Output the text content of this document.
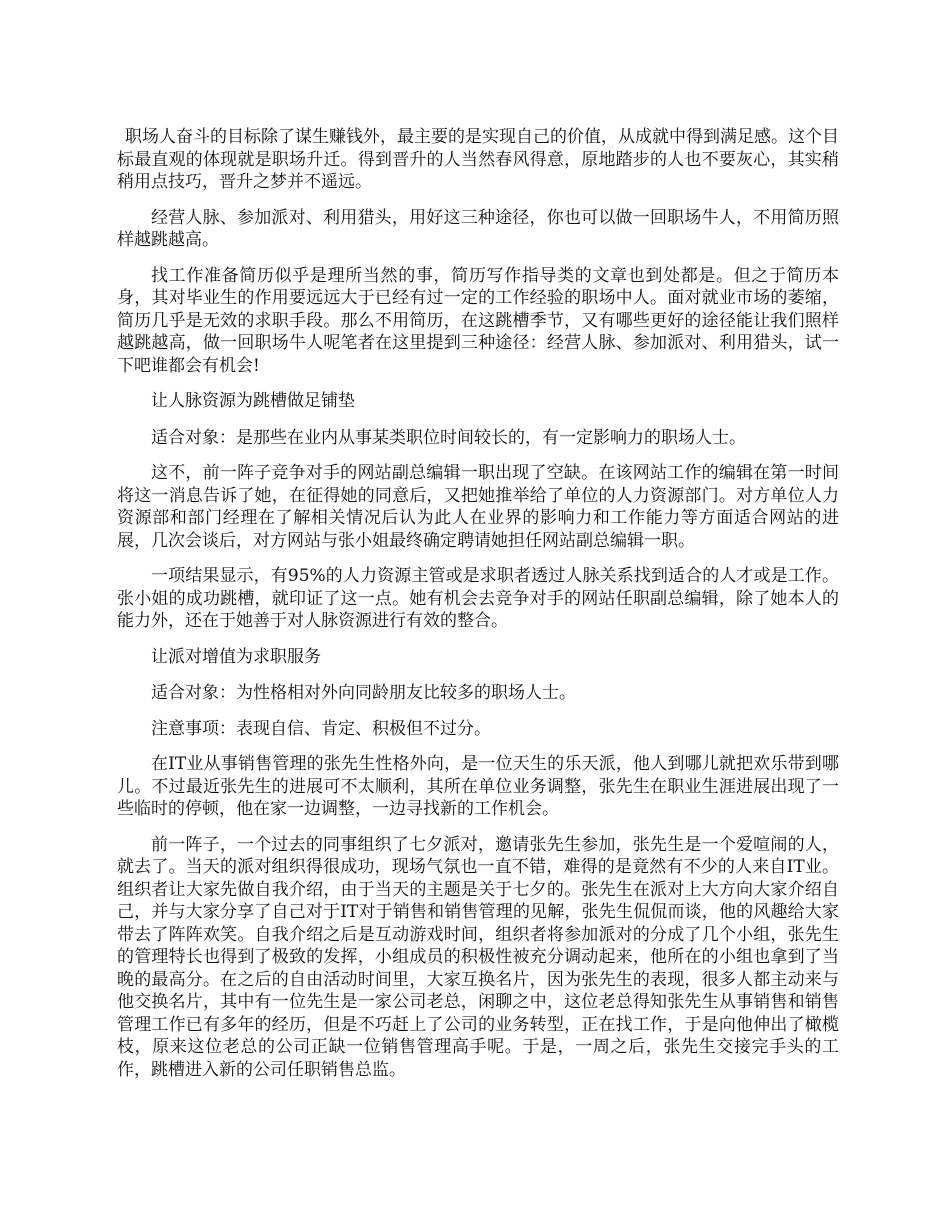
职场人奋斗的目标除了谋生赚钱外，最主要的是实现自己的价值，从成就中得到满足感。这个目标最直观的体现就是职场升迁。得到晋升的人当然春风得意，原地踏步的人也不要灰心，其实稍稍用点技巧，晋升之梦并不遥远。

经营人脉、参加派对、利用猎头，用好这三种途径，你也可以做一回职场牛人，不用简历照样越跳越高。

找工作准备简历似乎是理所当然的事，简历写作指导类的文章也到处都是。但之于简历本身，其对毕业生的作用要远远大于已经有过一定的工作经验的职场中人。面对就业市场的萎缩，简历几乎是无效的求职手段。那么不用简历，在这跳槽季节，又有哪些更好的途径能让我们照样越跳越高，做一回职场牛人呢笔者在这里提到三种途径：经营人脉、参加派对、利用猎头，试一下吧谁都会有机会!

让人脉资源为跳槽做足铺垫

适合对象：是那些在业内从事某类职位时间较长的，有一定影响力的职场人士。

这不，前一阵子竞争对手的网站副总编辑一职出现了空缺。在该网站工作的编辑在第一时间将这一消息告诉了她，在征得她的同意后，又把她推举给了单位的人力资源部门。对方单位人力资源部和部门经理在了解相关情况后认为此人在业界的影响力和工作能力等方面适合网站的进展，几次会谈后，对方网站与张小姐最终确定聘请她担任网站副总编辑一职。

一项结果显示，有95%的人力资源主管或是求职者透过人脉关系找到适合的人才或是工作。张小姐的成功跳槽，就印证了这一点。她有机会去竞争对手的网站任职副总编辑，除了她本人的能力外，还在于她善于对人脉资源进行有效的整合。

让派对增值为求职服务

适合对象：为性格相对外向同龄朋友比较多的职场人士。

注意事项：表现自信、肯定、积极但不过分。

在IT业从事销售管理的张先生性格外向，是一位天生的乐天派，他人到哪儿就把欢乐带到哪儿。不过最近张先生的进展可不太顺利，其所在单位业务调整，张先生在职业生涯进展出现了一些临时的停顿，他在家一边调整，一边寻找新的工作机会。

前一阵子，一个过去的同事组织了七夕派对，邀请张先生参加，张先生是一个爱喧闹的人，就去了。当天的派对组织得很成功，现场气氛也一直不错，难得的是竟然有不少的人来自IT业。组织者让大家先做自我介绍，由于当天的主题是关于七夕的。张先生在派对上大方向大家介绍自己，并与大家分享了自己对于IT对于销售和销售管理的见解，张先生侃侃而谈，他的风趣给大家带去了阵阵欢笑。自我介绍之后是互动游戏时间，组织者将参加派对的分成了几个小组，张先生的管理特长也得到了极致的发挥，小组成员的积极性被充分调动起来，他所在的小组也拿到了当晚的最高分。在之后的自由活动时间里，大家互换名片，因为张先生的表现，很多人都主动来与他交换名片，其中有一位先生是一家公司老总，闲聊之中，这位老总得知张先生从事销售和销售管理工作已有多年的经历，但是不巧赶上了公司的业务转型，正在找工作，于是向他伸出了橄榄枝，原来这位老总的公司正缺一位销售管理高手呢。于是，一周之后，张先生交接完手头的工作，跳槽进入新的公司任职销售总监。
